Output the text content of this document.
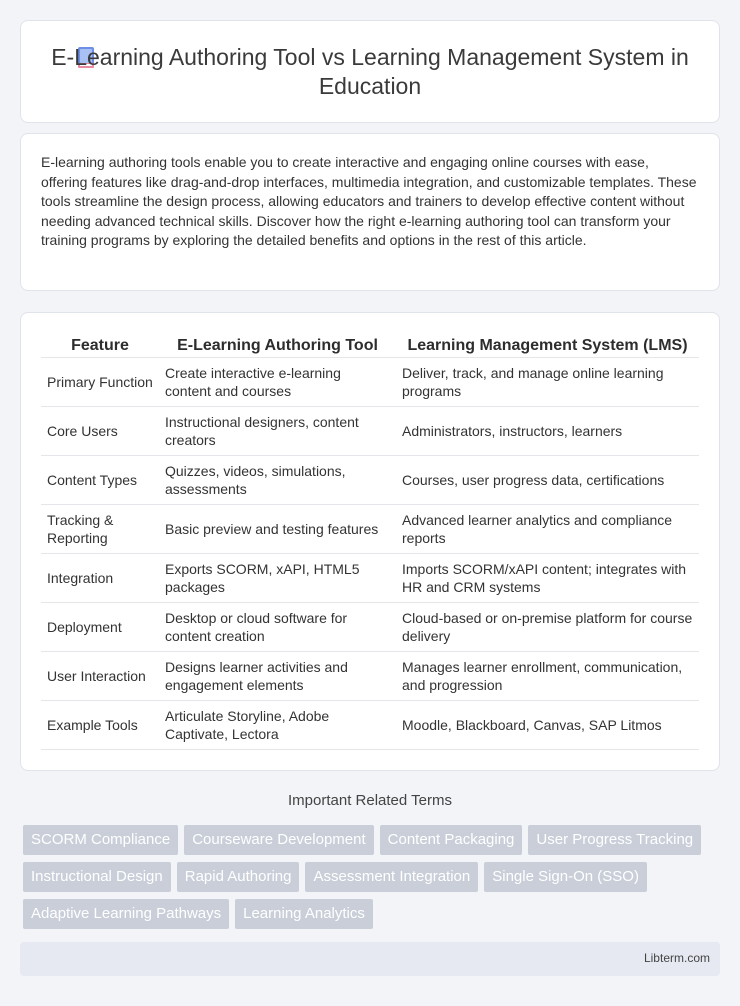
E-Learning Authoring Tool vs Learning Management System in Education

E-learning authoring tools enable you to create interactive and engaging online courses with ease, offering features like drag-and-drop interfaces, multimedia integration, and customizable templates. These tools streamline the design process, allowing educators and trainers to develop effective content without needing advanced technical skills. Discover how the right e-learning authoring tool can transform your training programs by exploring the detailed benefits and options in the rest of this article.

Feature	E-Learning Authoring Tool	Learning Management System (LMS)
Primary Function	Create interactive e-learning content and courses	Deliver, track, and manage online learning programs
Core Users	Instructional designers, content creators	Administrators, instructors, learners
Content Types	Quizzes, videos, simulations, assessments	Courses, user progress data, certifications
Tracking & Reporting	Basic preview and testing features	Advanced learner analytics and compliance reports
Integration	Exports SCORM, xAPI, HTML5 packages	Imports SCORM/xAPI content; integrates with HR and CRM systems
Deployment	Desktop or cloud software for content creation	Cloud-based or on-premise platform for course delivery
User Interaction	Designs learner activities and engagement elements	Manages learner enrollment, communication, and progression
Example Tools	Articulate Storyline, Adobe Captivate, Lectora	Moodle, Blackboard, Canvas, SAP Litmos
Important Related Terms
SCORM Compliance	Courseware Development	Content Packaging	User Progress Tracking
Instructional Design	Rapid Authoring	Assessment Integration	Single Sign-On (SSO)
Adaptive Learning Pathways	Learning Analytics
Libterm.com
